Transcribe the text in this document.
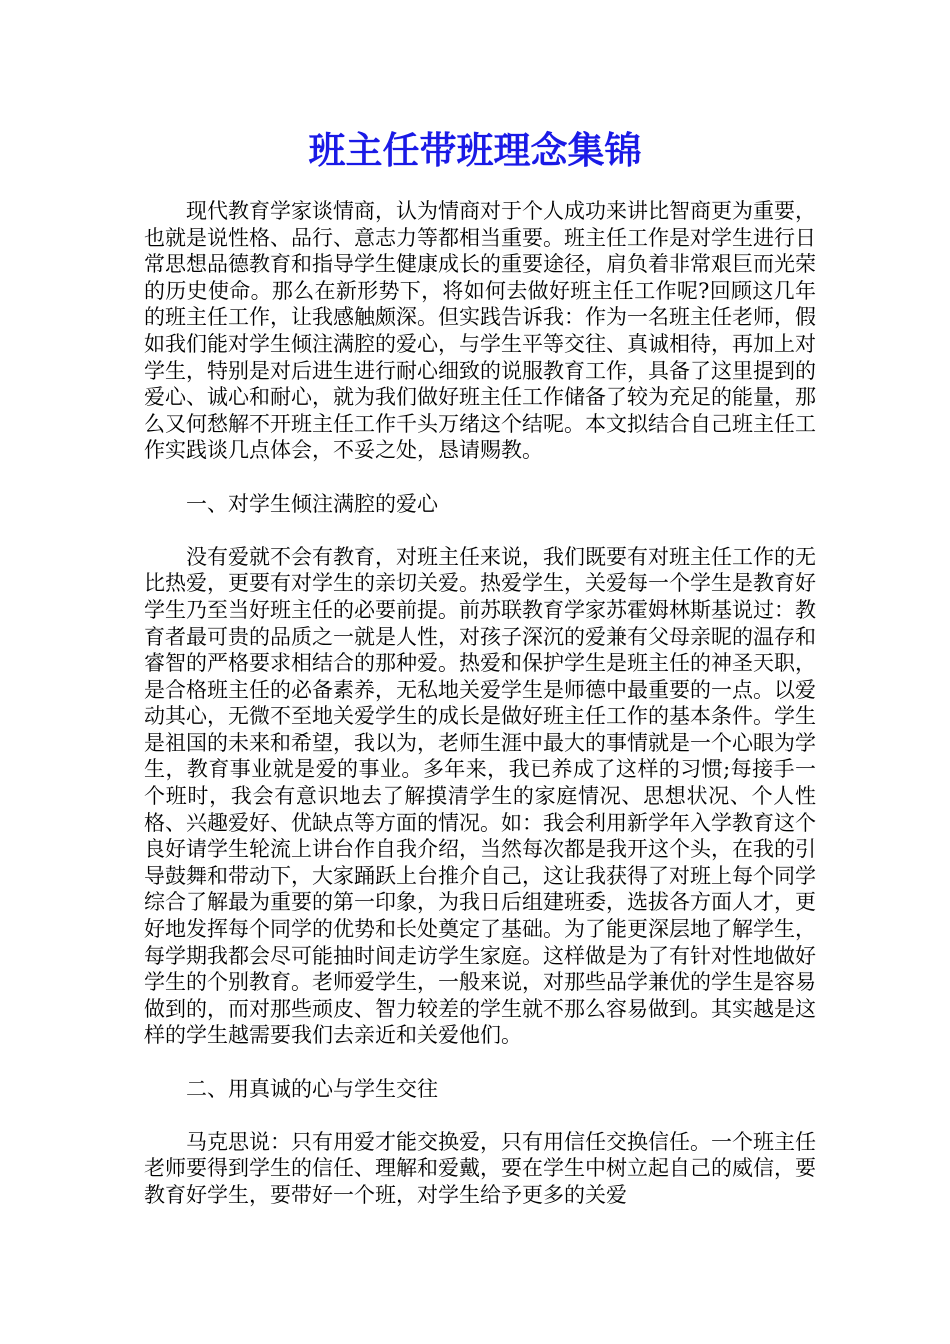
班主任带班理念集锦

现代教育学家谈情商，认为情商对于个人成功来讲比智商更为重要，也就是说性格、品行、意志力等都相当重要。班主任工作是对学生进行日常思想品德教育和指导学生健康成长的重要途径，肩负着非常艰巨而光荣的历史使命。那么在新形势下，将如何去做好班主任工作呢?回顾这几年的班主任工作，让我感触颇深。但实践告诉我：作为一名班主任老师，假如我们能对学生倾注满腔的爱心，与学生平等交往、真诚相待，再加上对学生，特别是对后进生进行耐心细致的说服教育工作，具备了这里提到的爱心、诚心和耐心，就为我们做好班主任工作储备了较为充足的能量，那么又何愁解不开班主任工作千头万绪这个结呢。本文拟结合自己班主任工作实践谈几点体会，不妥之处，恳请赐教。

一、对学生倾注满腔的爱心

没有爱就不会有教育，对班主任来说，我们既要有对班主任工作的无比热爱，更要有对学生的亲切关爱。热爱学生，关爱每一个学生是教育好学生乃至当好班主任的必要前提。前苏联教育学家苏霍姆林斯基说过：教育者最可贵的品质之一就是人性，对孩子深沉的爱兼有父母亲昵的温存和睿智的严格要求相结合的那种爱。热爱和保护学生是班主任的神圣天职，是合格班主任的必备素养，无私地关爱学生是师德中最重要的一点。以爱动其心，无微不至地关爱学生的成长是做好班主任工作的基本条件。学生是祖国的未来和希望，我以为，老师生涯中最大的事情就是一个心眼为学生，教育事业就是爱的事业。多年来，我已养成了这样的习惯;每接手一个班时，我会有意识地去了解摸清学生的家庭情况、思想状况、个人性格、兴趣爱好、优缺点等方面的情况。如：我会利用新学年入学教育这个良好请学生轮流上讲台作自我介绍，当然每次都是我开这个头，在我的引导鼓舞和带动下，大家踊跃上台推介自己，这让我获得了对班上每个同学综合了解最为重要的第一印象，为我日后组建班委，选拔各方面人才，更好地发挥每个同学的优势和长处奠定了基础。为了能更深层地了解学生，每学期我都会尽可能抽时间走访学生家庭。这样做是为了有针对性地做好学生的个别教育。老师爱学生，一般来说，对那些品学兼优的学生是容易做到的，而对那些顽皮、智力较差的学生就不那么容易做到。其实越是这样的学生越需要我们去亲近和关爱他们。

二、用真诚的心与学生交往

马克思说：只有用爱才能交换爱，只有用信任交换信任。一个班主任老师要得到学生的信任、理解和爱戴，要在学生中树立起自己的威信，要教育好学生，要带好一个班，对学生给予更多的关爱
